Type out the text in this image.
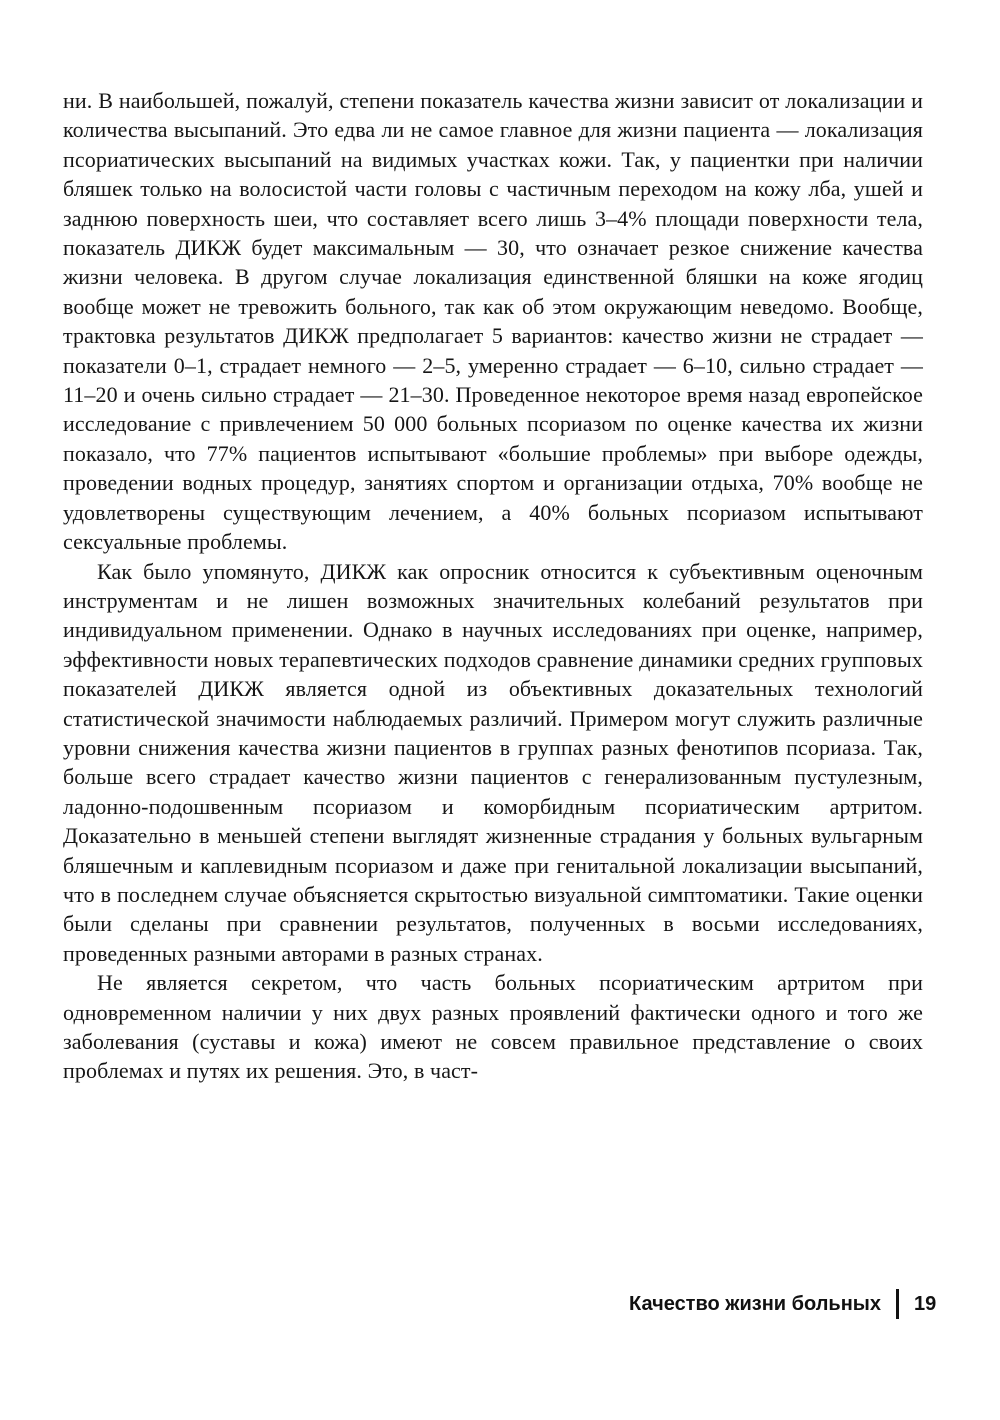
ни. В наибольшей, пожалуй, степени показатель качества жизни зависит от локализации и количества высыпаний. Это едва ли не самое главное для жизни пациента — локализация псориатических высыпаний на видимых участках кожи. Так, у пациентки при наличии бляшек только на волосистой части головы с частичным переходом на кожу лба, ушей и заднюю поверхность шеи, что составляет всего лишь 3–4% площади поверхности тела, показатель ДИКЖ будет максимальным — 30, что означает резкое снижение качества жизни человека. В другом случае локализация единственной бляшки на коже ягодиц вообще может не тревожить больного, так как об этом окружающим неведомо. Вообще, трактовка результатов ДИКЖ предполагает 5 вариантов: качество жизни не страдает — показатели 0–1, страдает немного — 2–5, умеренно страдает — 6–10, сильно страдает — 11–20 и очень сильно страдает — 21–30. Проведенное некоторое время назад европейское исследование с привлечением 50 000 больных псориазом по оценке качества их жизни показало, что 77% пациентов испытывают «большие проблемы» при выборе одежды, проведении водных процедур, занятиях спортом и организации отдыха, 70% вообще не удовлетворены существующим лечением, а 40% больных псориазом испытывают сексуальные проблемы.

Как было упомянуто, ДИКЖ как опросник относится к субъективным оценочным инструментам и не лишен возможных значительных колебаний результатов при индивидуальном применении. Однако в научных исследованиях при оценке, например, эффективности новых терапевтических подходов сравнение динамики средних групповых показателей ДИКЖ является одной из объективных доказательных технологий статистической значимости наблюдаемых различий. Примером могут служить различные уровни снижения качества жизни пациентов в группах разных фенотипов псориаза. Так, больше всего страдает качество жизни пациентов с генерализованным пустулезным, ладонно-подошвенным псориазом и коморбидным псориатическим артритом. Доказательно в меньшей степени выглядят жизненные страдания у больных вульгарным бляшечным и каплевидным псориазом и даже при генитальной локализации высыпаний, что в последнем случае объясняется скрытостью визуальной симптоматики. Такие оценки были сделаны при сравнении результатов, полученных в восьми исследованиях, проведенных разными авторами в разных странах.

Не является секретом, что часть больных псориатическим артритом при одновременном наличии у них двух разных проявлений фактически одного и того же заболевания (суставы и кожа) имеют не совсем правильное представление о своих проблемах и путях их решения. Это, в част-

Качество жизни больных 19
